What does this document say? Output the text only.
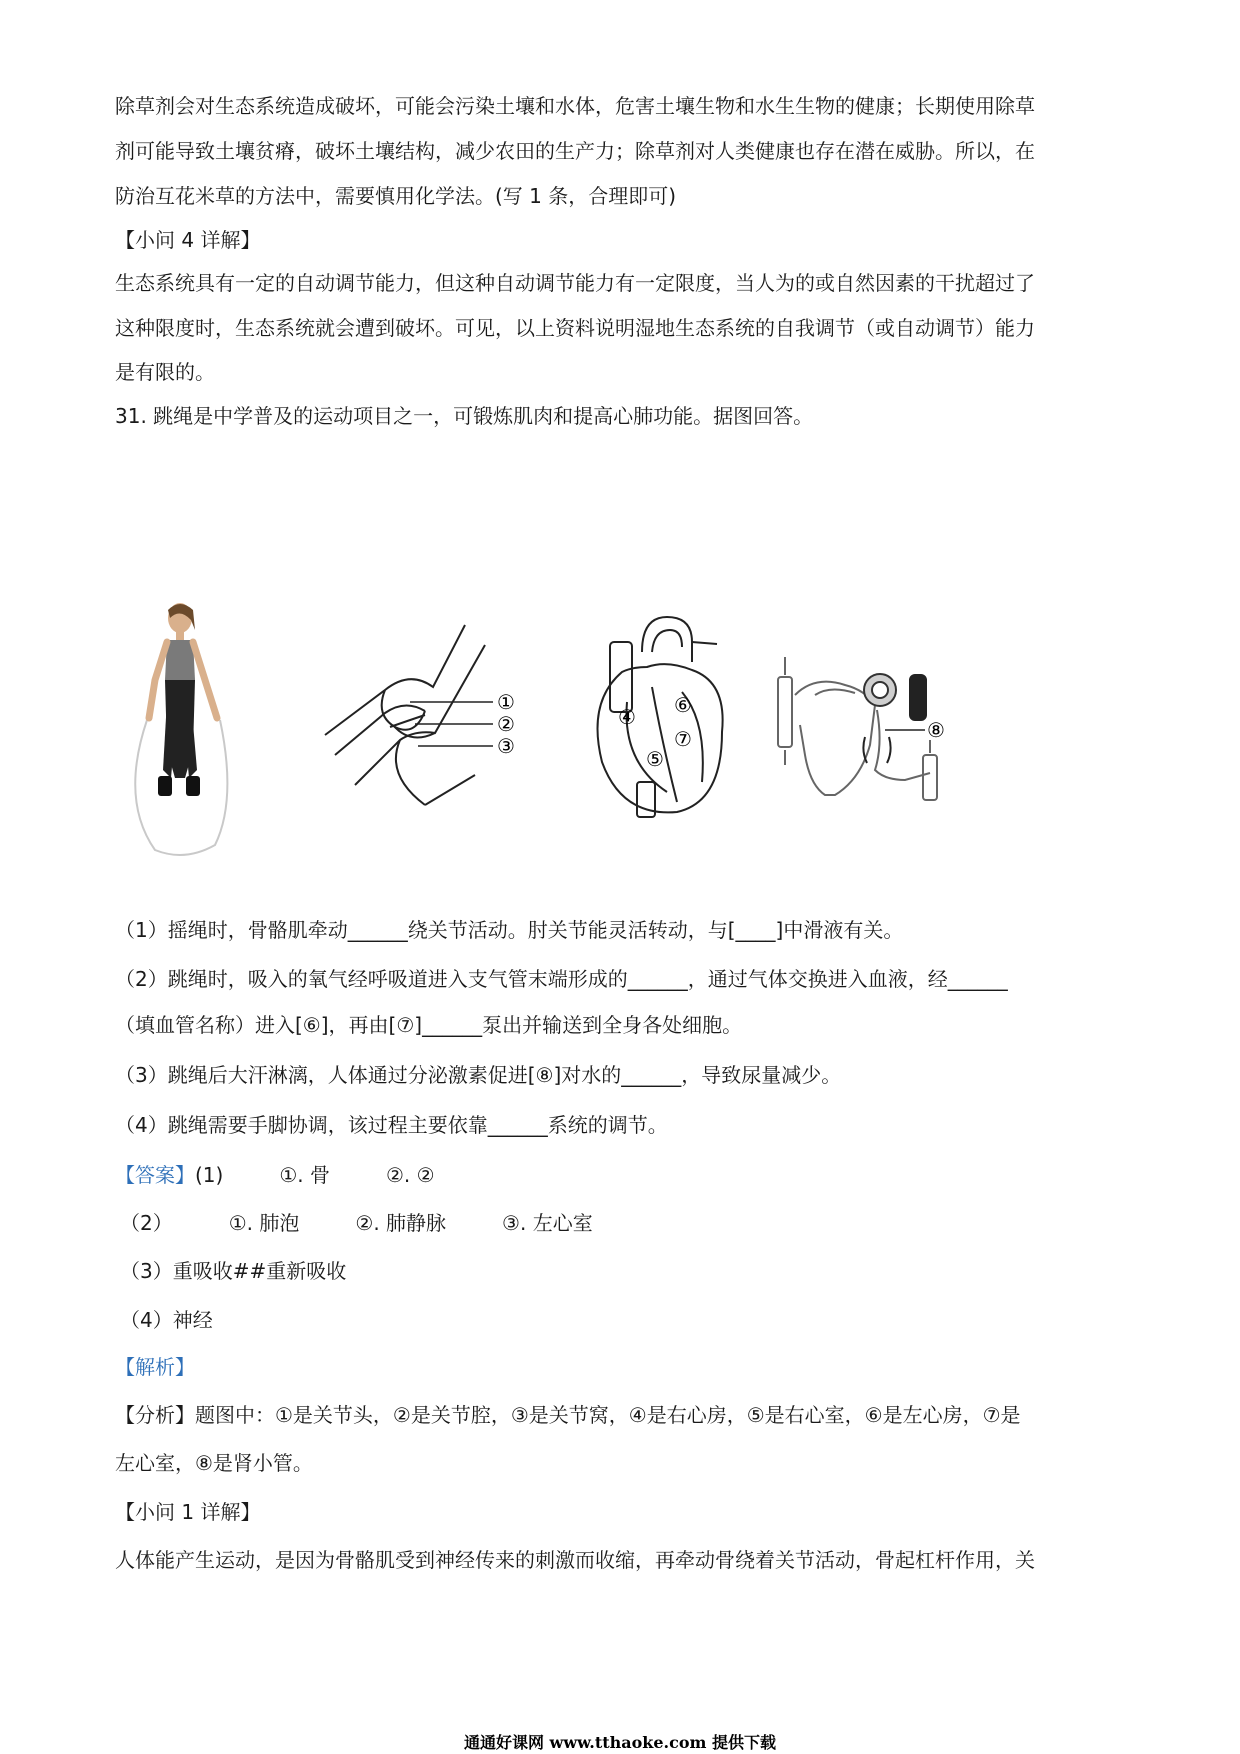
除草剂会对生态系统造成破坏，可能会污染土壤和水体，危害土壤生物和水生生物的健康；长期使用除草
剂可能导致土壤贫瘠，破坏土壤结构，减少农田的生产力；除草剂对人类健康也存在潜在威胁。所以，在
防治互花米草的方法中，需要慎用化学法。(写 1 条，合理即可)
【小问 4 详解】
生态系统具有一定的自动调节能力，但这种自动调节能力有一定限度，当人为的或自然因素的干扰超过了
这种限度时，生态系统就会遭到破坏。可见，以上资料说明湿地生态系统的自我调节（或自动调节）能力
是有限的。
31. 跳绳是中学普及的运动项目之一，可锻炼肌肉和提高心肺功能。据图回答。
①
②
③
④
⑤
⑥
⑦	⑧
（1）摇绳时，骨骼肌牵动______绕关节活动。肘关节能灵活转动，与[____]中滑液有关。
（2）跳绳时，吸入的氧气经呼吸道进入支气管末端形成的______，通过气体交换进入血液，经______
（填血管名称）进入[⑥]，再由[⑦]______泵出并输送到全身各处细胞。
（3）跳绳后大汗淋漓，人体通过分泌激素促进[⑧]对水的______，导致尿量减少。
（4）跳绳需要手脚协调，该过程主要依靠______系统的调节。
【答案】(1)	①. 骨	②. ②
（2）	①. 肺泡	②. 肺静脉	③. 左心室
（3）重吸收##重新吸收
（4）神经
【解析】
【分析】题图中：①是关节头，②是关节腔，③是关节窝，④是右心房，⑤是右心室，⑥是左心房，⑦是
左心室，⑧是肾小管。
【小问 1 详解】
人体能产生运动，是因为骨骼肌受到神经传来的刺激而收缩，再牵动骨绕着关节活动，骨起杠杆作用，关
通通好课网 www.tthaoke.com 提供下载
